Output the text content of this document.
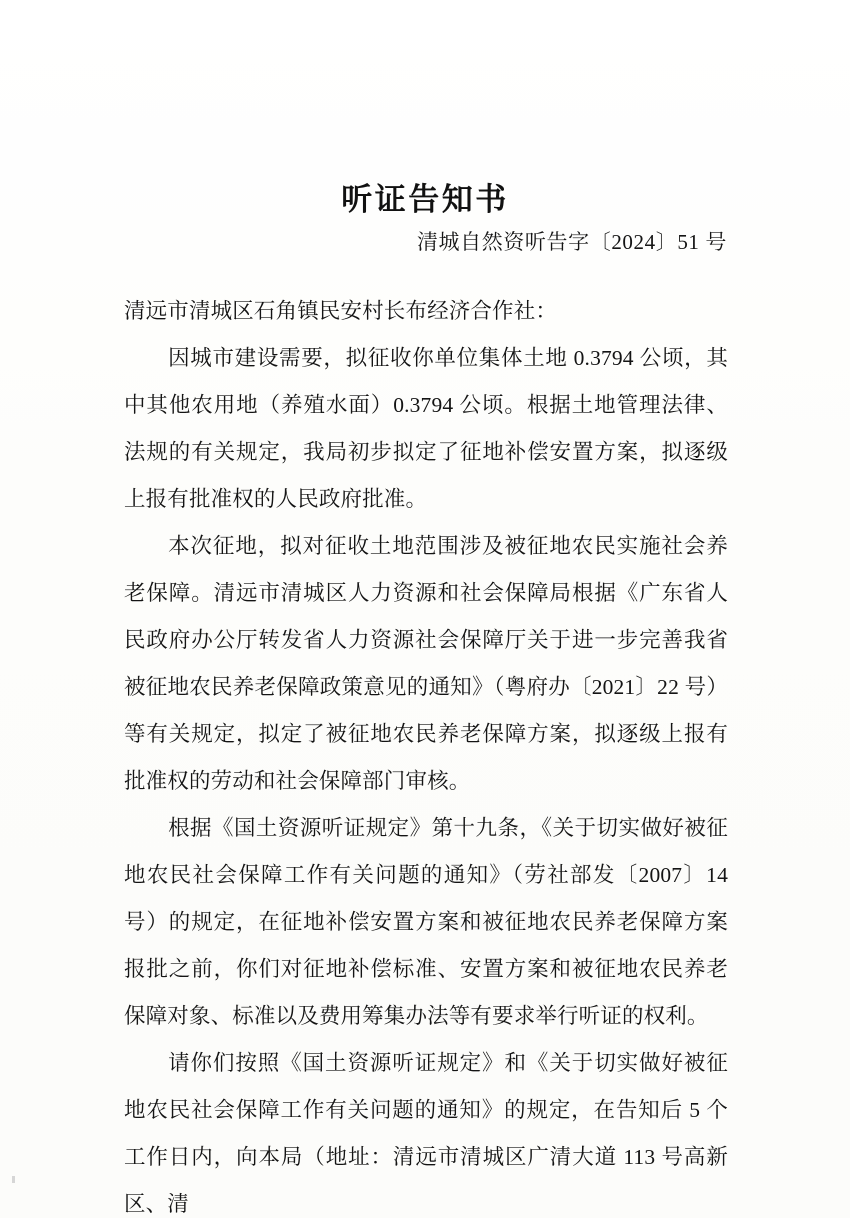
听证告知书
清城自然资听告字〔2024〕51 号

清远市清城区石角镇民安村长布经济合作社：

因城市建设需要，拟征收你单位集体土地 0.3794 公顷，其中其他农用地（养殖水面）0.3794 公顷。根据土地管理法律、法规的有关规定，我局初步拟定了征地补偿安置方案，拟逐级上报有批准权的人民政府批准。

本次征地，拟对征收土地范围涉及被征地农民实施社会养老保障。清远市清城区人力资源和社会保障局根据《广东省人民政府办公厅转发省人力资源社会保障厅关于进一步完善我省被征地农民养老保障政策意见的通知》（粤府办〔2021〕22 号）等有关规定，拟定了被征地农民养老保障方案，拟逐级上报有批准权的劳动和社会保障部门审核。

根据《国土资源听证规定》第十九条，《关于切实做好被征地农民社会保障工作有关问题的通知》（劳社部发〔2007〕14 号）的规定，在征地补偿安置方案和被征地农民养老保障方案报批之前，你们对征地补偿标准、安置方案和被征地农民养老保障对象、标准以及费用筹集办法等有要求举行听证的权利。

请你们按照《国土资源听证规定》和《关于切实做好被征地农民社会保障工作有关问题的通知》的规定，在告知后 5 个工作日内，向本局（地址：清远市清城区广清大道 113 号高新区、清
